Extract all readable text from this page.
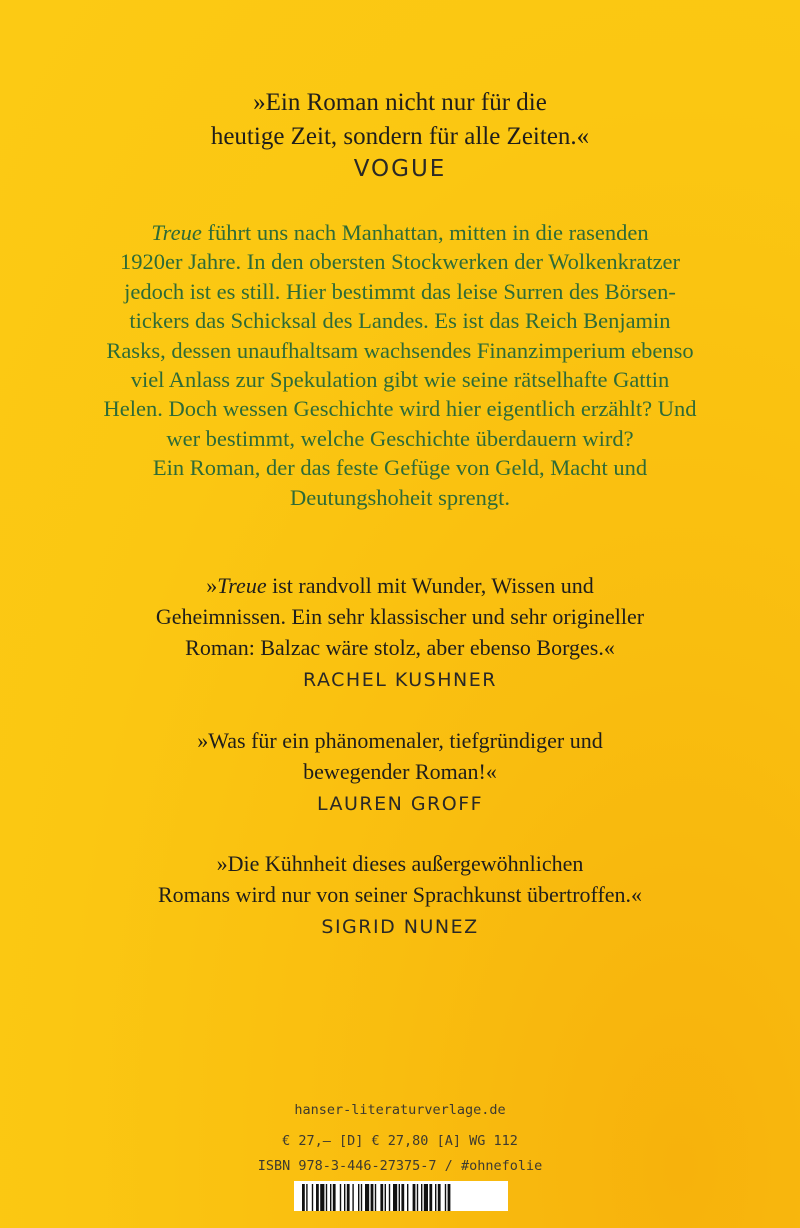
»Ein Roman nicht nur für die
heutige Zeit, sondern für alle Zeiten.«
VOGUE
Treue führt uns nach Manhattan, mitten in die rasenden
1920er Jahre. In den obersten Stockwerken der Wolkenkratzer
jedoch ist es still. Hier bestimmt das leise Surren des Börsen-
tickers das Schicksal des Landes. Es ist das Reich Benjamin
Rasks, dessen unaufhaltsam wachsendes Finanzimperium ebenso
viel Anlass zur Spekulation gibt wie seine rätselhafte Gattin
Helen. Doch wessen Geschichte wird hier eigentlich erzählt? Und
wer bestimmt, welche Geschichte überdauern wird?
Ein Roman, der das feste Gefüge von Geld, Macht und
Deutungshoheit sprengt.
»Treue ist randvoll mit Wunder, Wissen und
Geheimnissen. Ein sehr klassischer und sehr origineller
Roman: Balzac wäre stolz, aber ebenso Borges.«
RACHEL KUSHNER
»Was für ein phänomenaler, tiefgründiger und
bewegender Roman!«
LAUREN GROFF
»Die Kühnheit dieses außergewöhnlichen
Romans wird nur von seiner Sprachkunst übertroffen.«
SIGRID NUNEZ
hanser-literaturverlage.de
€ 27,– [D] € 27,80 [A] WG 112
ISBN 978-3-446-27375-7 / #ohnefolie
